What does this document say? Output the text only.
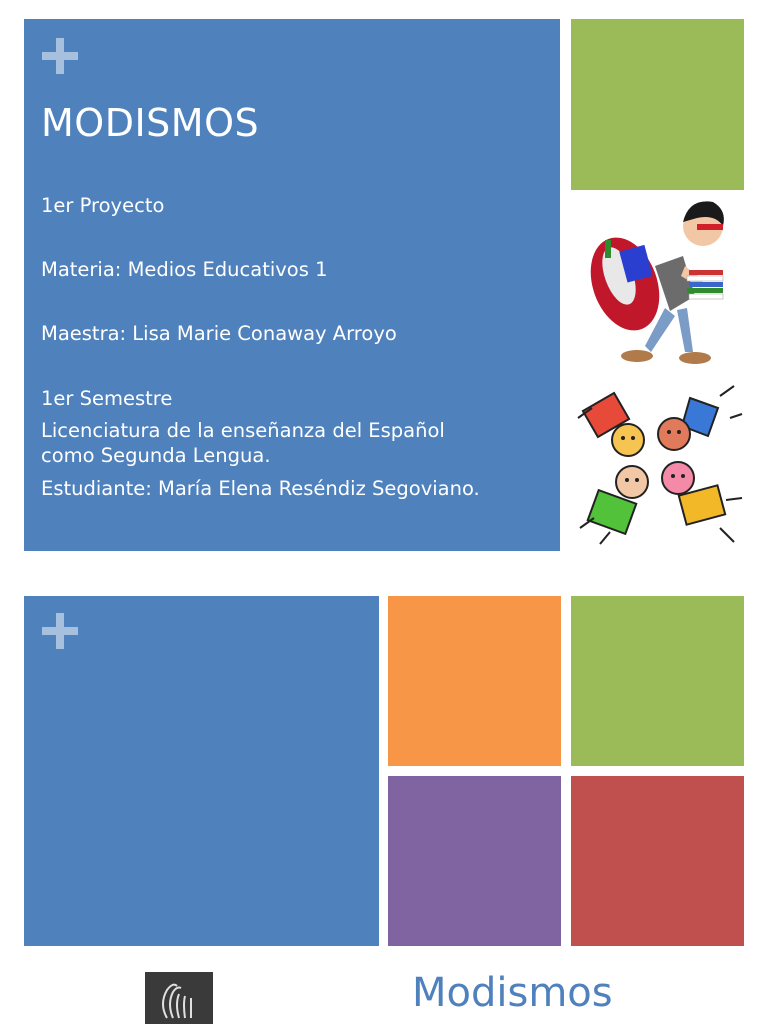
MODISMOS
1er Proyecto
Materia: Medios Educativos 1
Maestra: Lisa Marie Conaway Arroyo
1er Semestre
Licenciatura de la enseñanza del Español como Segunda Lengua.
Estudiante: María Elena Reséndiz Segoviano.
Modismos
